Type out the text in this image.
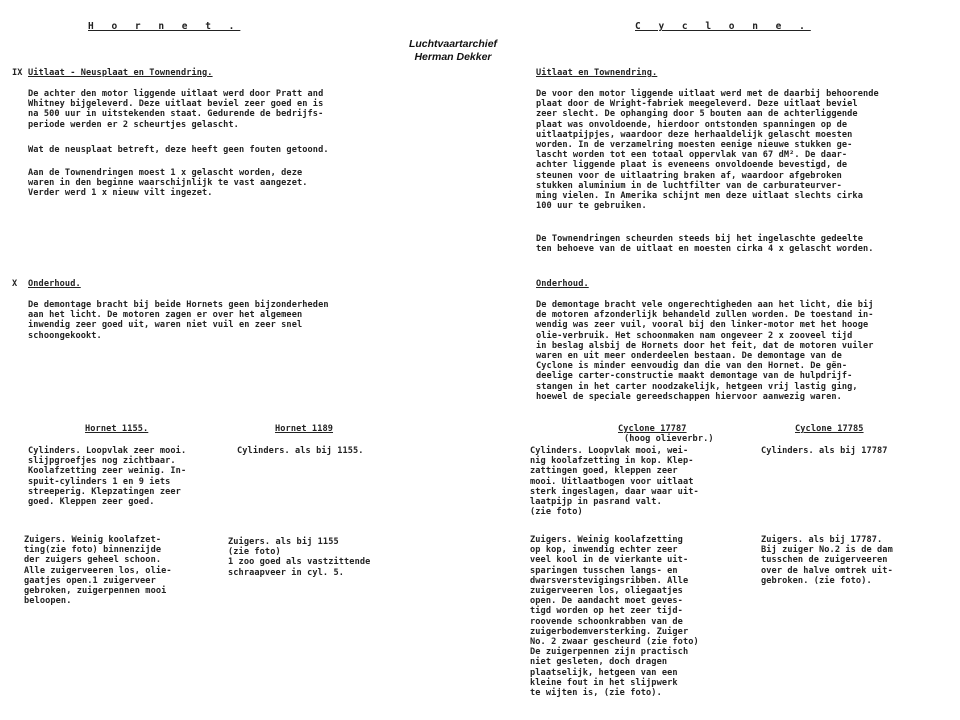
Luchtvaartarchief
Herman Dekker
H o r n e t .
IX Uitlaat - Neusplaat en Townendring.
De achter den motor liggende uitlaat werd door Pratt and
Whitney bijgeleverd. Deze uitlaat beviel zeer goed en is
na 500 uur in uitstekenden staat. Gedurende de bedrijfs-
periode werden er 2 scheurtjes gelascht.
Wat de neusplaat betreft, deze heeft geen fouten getoond.
Aan de Townendringen moest 1 x gelascht worden, deze
waren in den beginne waarschijnlijk te vast aangezet.
Verder werd 1 x nieuw vilt ingezet.
X Onderhoud.
De demontage bracht bij beide Hornets geen bijzonderheden
aan het licht. De motoren zagen er over het algemeen
inwendig zeer goed uit, waren niet vuil en zeer snel
schoongekookt.
Hornet 1155.	Hornet 1189
Cylinders. Loopvlak zeer mooi.
slijpgroefjes nog zichtbaar.
Koolafzetting zeer weinig. In-
spuit-cylinders 1 en 9 iets
streeperig. Klepzatingen zeer
goed. Kleppen zeer goed.
Cylinders. als bij 1155.
Zuigers. Weinig koolafzet-
ting(zie foto) binnenzijde
der zuigers geheel schoon.
Alle zuigerveeren los, olie-
gaatjes open.1 zuigerveer
gebroken, zuigerpennen mooi
beloopen.
Zuigers. als bij 1155
(zie foto)
1 zoo goed als vastzittende
schraapveer in cyl. 5.
C y c l o n e .
Uitlaat en Townendring.
De voor den motor liggende uitlaat werd met de daarbij behoorende
plaat door de Wright-fabriek meegeleverd. Deze uitlaat beviel
zeer slecht. De ophanging door 5 bouten aan de achterliggende
plaat was onvoldoende, hierdoor ontstonden spanningen op de
uitlaatpijpjes, waardoor deze herhaaldelijk gelascht moesten
worden. In de verzamelring moesten eenige nieuwe stukken ge-
lascht worden tot een totaal oppervlak van 67 dM². De daar-
achter liggende plaat is eveneens onvoldoende bevestigd, de
steunen voor de uitlaatring braken af, waardoor afgebroken
stukken aluminium in de luchtfilter van de carburateurver-
ming vielen. In Amerika schijnt men deze uitlaat slechts cirka
100 uur te gebruiken.
De Townendringen scheurden steeds bij het ingelaschte gedeelte
ten behoeve van de uitlaat en moesten cirka 4 x gelascht worden.
Onderhoud.
De demontage bracht vele ongerechtigheden aan het licht, die bij
de motoren afzonderlijk behandeld zullen worden. De toestand in-
wendig was zeer vuil, vooral bij den linker-motor met het hooge
olie-verbruik. Het schoonmaken nam ongeveer 2 x zooveel tijd
in beslag alsbij de Hornets door het feit, dat de motoren vuiler
waren en uit meer onderdeelen bestaan. De demontage van de
Cyclone is minder eenvoudig dan die van den Hornet. De gën-
deelige carter-constructie maakt demontage van de hulpdrijf-
stangen in het carter noodzakelijk, hetgeen vrij lastig ging,
hoewel de speciale gereedschappen hiervoor aanwezig waren.
Cyclone 17787
(hoog olieverbr.)
Cyclone 17785
Cylinders. Loopvlak mooi, wei-
nig koolafzetting in kop. Klep-
zattingen goed, kleppen zeer
mooi. Uitlaatbogen voor uitlaat
sterk ingeslagen, daar waar uit-
laatpijp in pasrand valt.
(zie foto)
Cylinders. als bij 17787
Zuigers. Weinig koolafzetting
op kop, inwendig echter zeer
veel kool in de vierkante uit-
sparingen tusschen langs- en
dwarsverstevigingsribben. Alle
zuigerveeren los, oliegaatjes
open. De aandacht moet geves-
tigd worden op het zeer tijd-
roovende schoonkrabben van de
zuigerbodemversterking. Zuiger
No. 2 zwaar gescheurd (zie foto)
De zuigerpennen zijn practisch
niet gesleten, doch dragen
plaatselijk, hetgeen van een
kleine fout in het slijpwerk
te wijten is, (zie foto).
Zuigers. als bij 17787.
Bij zuiger No.2 is de dam
tusschen de zuigerveeren
over de halve omtrek uit-
gebroken. (zie foto).
